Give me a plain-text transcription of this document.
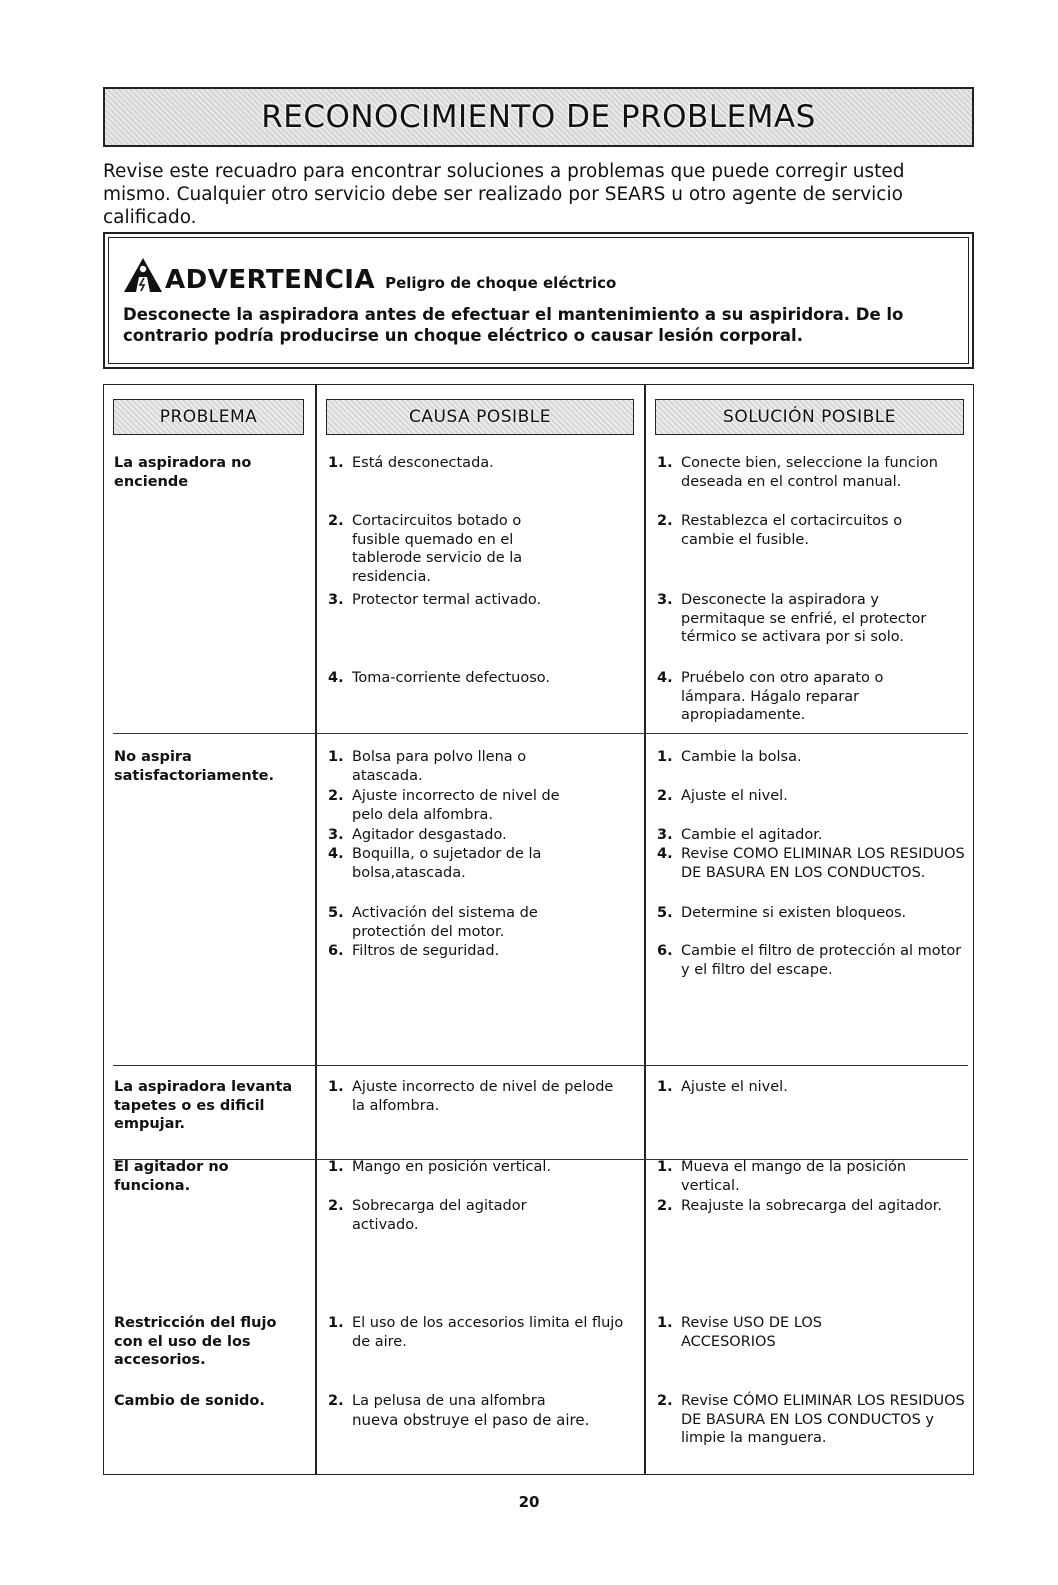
RECONOCIMIENTO DE PROBLEMAS
Revise este recuadro para encontrar soluciones a problemas que puede corregir usted mismo. Cualquier otro servicio debe ser realizado por SEARS u otro agente de servicio calificado.
ADVERTENCIA Peligro de choque eléctrico
Desconecte la aspiradora antes de efectuar el mantenimiento a su aspiridora. De lo contrario podría producirse un choque eléctrico o causar lesión corporal.
PROBLEMA	CAUSA POSIBLE	SOLUCIÓN POSIBLE
La aspiradora no enciende
No aspira satisfactoriamente.
La aspiradora levanta tapetes o es dificil empujar.
El agitador no funciona.
Restricción del flujo con el uso de los accesorios.
Cambio de sonido.
1. Está desconectada.
2. Cortacircuitos botado o fusible quemado en el tablerode servicio de la residencia.
3. Protector termal activado.
4. Toma-corriente defectuoso.
1. Bolsa para polvo llena o atascada.
2. Ajuste incorrecto de nivel de pelo dela alfombra.
3. Agitador desgastado.
4. Boquilla, o sujetador de la bolsa,atascada.
5. Activación del sistema de protectión del motor.
6. Filtros de seguridad.
1. Ajuste incorrecto de nivel de pelode la alfombra.
1. Mango en posición vertical.
2. Sobrecarga del agitador activado.
1. El uso de los accesorios limita el flujo de aire.
2. La pelusa de una alfombra
nueva obstruye el paso de aire.
1. Conecte bien, seleccione la funcion deseada en el control manual.
2. Restablezca el cortacircuitos o cambie el fusible.
3. Desconecte la aspiradora y permitaque se enfrié, el protector térmico se activara por si solo.
4. Pruébelo con otro aparato o lámpara. Hágalo reparar apropiadamente.
1. Cambie la bolsa.
2. Ajuste el nivel.
3. Cambie el agitador.
4. Revise COMO ELIMINAR LOS RESIDUOS DE BASURA EN LOS CONDUCTOS.
5. Determine si existen bloqueos.
6. Cambie el filtro de protección al motor y el filtro del escape.
1. Ajuste el nivel.
1. Mueva el mango de la posición vertical.
2. Reajuste la sobrecarga del agitador.
1. Revise USO DE LOS ACCESORIOS
2. Revise CÓMO ELIMINAR LOS RESIDUOS DE BASURA EN LOS CONDUCTOS y limpie la manguera.
20
